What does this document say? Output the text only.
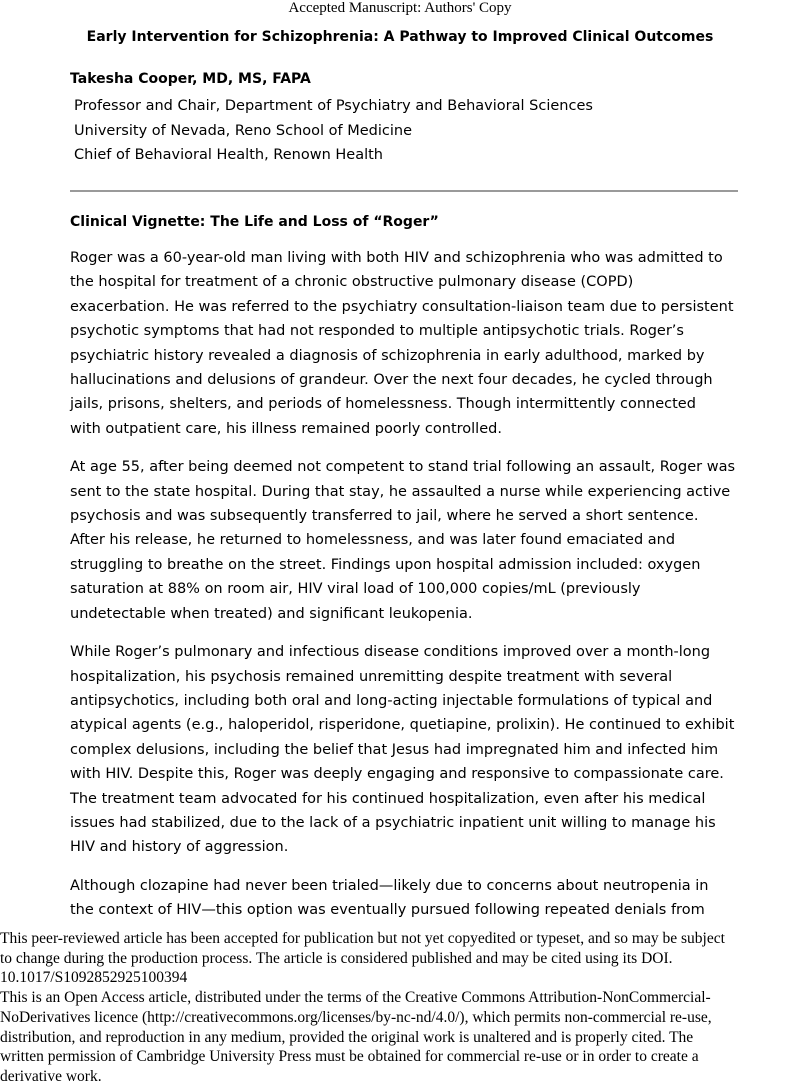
Accepted Manuscript: Authors' Copy
Early Intervention for Schizophrenia: A Pathway to Improved Clinical Outcomes
Takesha Cooper, MD, MS, FAPA
Professor and Chair, Department of Psychiatry and Behavioral Sciences
University of Nevada, Reno School of Medicine
Chief of Behavioral Health, Renown Health
Clinical Vignette: The Life and Loss of “Roger”

Roger was a 60-year-old man living with both HIV and schizophrenia who was admitted to
the hospital for treatment of a chronic obstructive pulmonary disease (COPD)
exacerbation. He was referred to the psychiatry consultation-liaison team due to persistent
psychotic symptoms that had not responded to multiple antipsychotic trials. Roger’s
psychiatric history revealed a diagnosis of schizophrenia in early adulthood, marked by
hallucinations and delusions of grandeur. Over the next four decades, he cycled through
jails, prisons, shelters, and periods of homelessness. Though intermittently connected
with outpatient care, his illness remained poorly controlled.

At age 55, after being deemed not competent to stand trial following an assault, Roger was
sent to the state hospital. During that stay, he assaulted a nurse while experiencing active
psychosis and was subsequently transferred to jail, where he served a short sentence.
After his release, he returned to homelessness, and was later found emaciated and
struggling to breathe on the street. Findings upon hospital admission included: oxygen
saturation at 88% on room air, HIV viral load of 100,000 copies/mL (previously
undetectable when treated) and significant leukopenia.

While Roger’s pulmonary and infectious disease conditions improved over a month-long
hospitalization, his psychosis remained unremitting despite treatment with several
antipsychotics, including both oral and long-acting injectable formulations of typical and
atypical agents (e.g., haloperidol, risperidone, quetiapine, prolixin). He continued to exhibit
complex delusions, including the belief that Jesus had impregnated him and infected him
with HIV. Despite this, Roger was deeply engaging and responsive to compassionate care.
The treatment team advocated for his continued hospitalization, even after his medical
issues had stabilized, due to the lack of a psychiatric inpatient unit willing to manage his
HIV and history of aggression.

Although clozapine had never been trialed—likely due to concerns about neutropenia in
the context of HIV—this option was eventually pursued following repeated denials from

This peer-reviewed article has been accepted for publication but not yet copyedited or typeset, and so may be subject
to change during the production process. The article is considered published and may be cited using its DOI.
10.1017/S1092852925100394
This is an Open Access article, distributed under the terms of the Creative Commons Attribution-NonCommercial-
NoDerivatives licence (http://creativecommons.org/licenses/by-nc-nd/4.0/), which permits non-commercial re-use,
distribution, and reproduction in any medium, provided the original work is unaltered and is properly cited. The
written permission of Cambridge University Press must be obtained for commercial re-use or in order to create a
derivative work.
